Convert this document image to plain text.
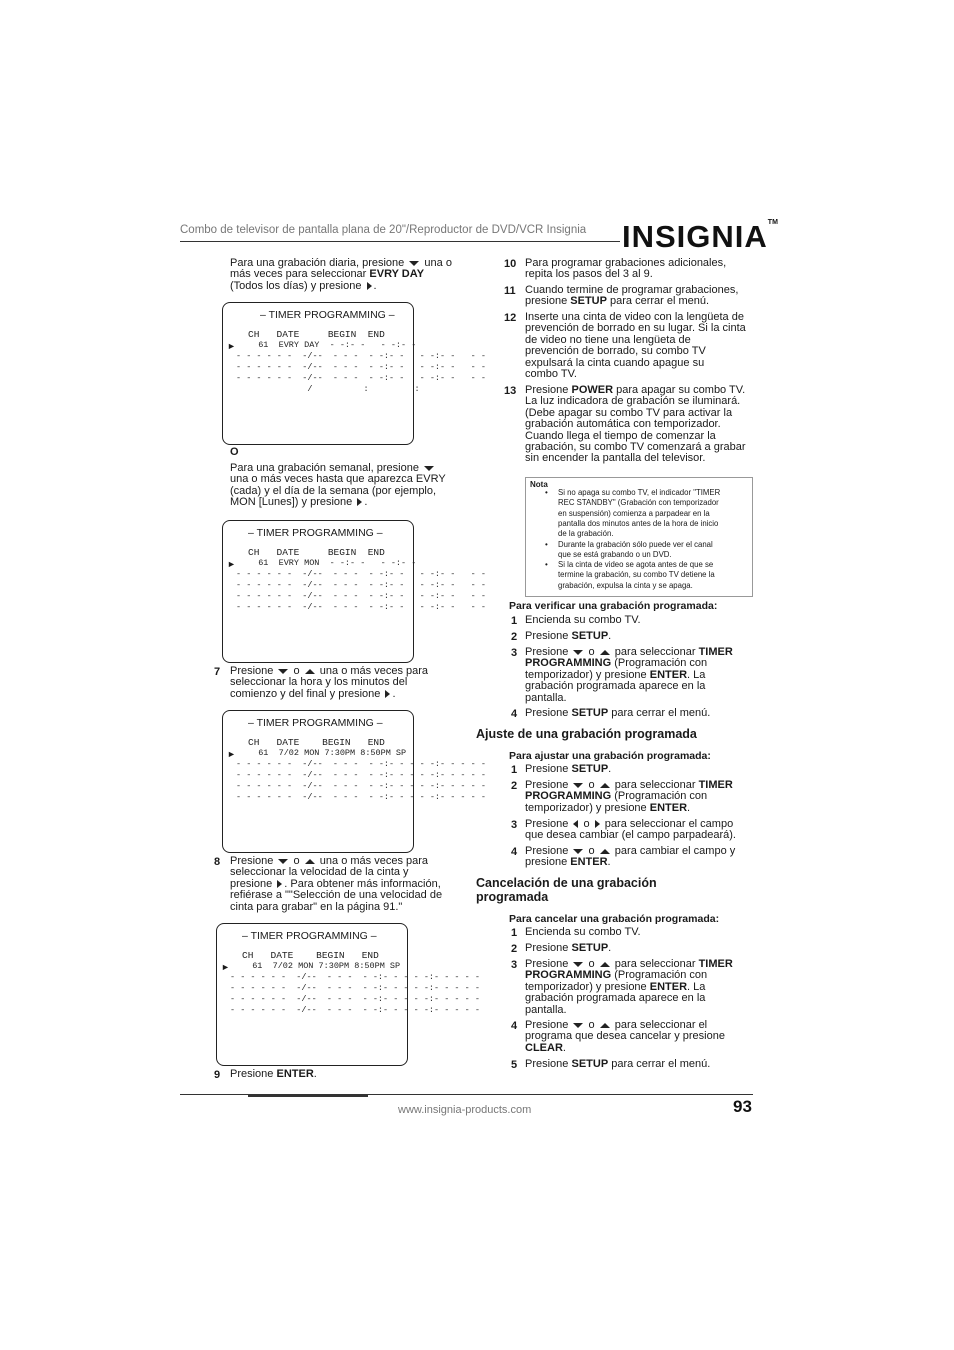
Combo de televisor de pantalla plana de 20"/Reproductor de DVD/VCR Insignia INSIGNIA™
Para una grabación diaria, presione una o
más veces para seleccionar EVRY DAY
(Todos los días) y presione .
– TIMER PROGRAMMING –
CH   DATE     BEGIN  END
► 61  EVRY DAY  - -:- -   - -:- -
- - - - - -  -/--  - - -  - -:- -   - -:- -   - -
- - - - - -  -/--  - - -  - -:- -   - -:- -   - -
- - - - - -  -/--  - - -  - -:- -   - -:- -   - -
/          :         :
O
Para una grabación semanal, presione
una o más veces hasta que aparezca EVRY
(cada) y el día de la semana (por ejemplo,
MON [Lunes]) y presione .
– TIMER PROGRAMMING –
CH   DATE     BEGIN  END
► 61  EVRY MON  - -:- -   - -:- -
- - - - - -  -/--  - - -  - -:- -   - -:- -   - -
- - - - - -  -/--  - - -  - -:- -   - -:- -   - -
- - - - - -  -/--  - - -  - -:- -   - -:- -   - -
- - - - - -  -/--  - - -  - -:- -   - -:- -   - -
7 Presione o una o más veces para
seleccionar la hora y los minutos del
comienzo y del final y presione .
– TIMER PROGRAMMING –
CH   DATE    BEGIN   END
► 61  7/02 MON 7:30PM 8:50PM SP
- - - - - -  -/--  - - -  - -:- - - - -:- - - - -
- - - - - -  -/--  - - -  - -:- - - - -:- - - - -
- - - - - -  -/--  - - -  - -:- - - - -:- - - - -
- - - - - -  -/--  - - -  - -:- - - - -:- - - - -
8 Presione o una o más veces para
seleccionar la velocidad de la cinta y
presione . Para obtener más información,
refiérase a ""Selección de una velocidad de
cinta para grabar" en la página 91."
– TIMER PROGRAMMING –
CH   DATE    BEGIN   END
► 61  7/02 MON 7:30PM 8:50PM SP
- - - - - -  -/--  - - -  - -:- - - - -:- - - - -
- - - - - -  -/--  - - -  - -:- - - - -:- - - - -
- - - - - -  -/--  - - -  - -:- - - - -:- - - - -
- - - - - -  -/--  - - -  - -:- - - - -:- - - - -
9 Presione ENTER.
10 Para programar grabaciones adicionales,
repita los pasos del 3 al 9.
11 Cuando termine de programar grabaciones,
presione SETUP para cerrar el menú.
12 Inserte una cinta de video con la lengüeta de
prevención de borrado en su lugar. Si la cinta
de video no tiene una lengüeta de
prevención de borrado, su combo TV
expulsará la cinta cuando apague su
combo TV.
13 Presione POWER para apagar su combo TV.
La luz indicadora de grabación se iluminará.
(Debe apagar su combo TV para activar la
grabación automática con temporizador.
Cuando llega el tiempo de comenzar la
grabación, su combo TV comenzará a grabar
sin encender la pantalla del televisor.
Nota
• Si no apaga su combo TV, el indicador "TIMER
REC STANDBY" (Grabación con temporizador
en suspensión) comienza a parpadear en la
pantalla dos minutos antes de la hora de inicio
de la grabación.
• Durante la grabación sólo puede ver el canal
que se está grabando o un DVD.
• Si la cinta de video se agota antes de que se
termine la grabación, su combo TV detiene la
grabación, expulsa la cinta y se apaga.
Para verificar una grabación programada:
1 Encienda su combo TV.
2 Presione SETUP.
3 Presione o para seleccionar TIMER
PROGRAMMING (Programación con
temporizador) y presione ENTER. La
grabación programada aparece en la
pantalla.
4 Presione SETUP para cerrar el menú.
Ajuste de una grabación programada
Para ajustar una grabación programada:
1 Presione SETUP.
2 Presione o para seleccionar TIMER
PROGRAMMING (Programación con
temporizador) y presione ENTER.
3 Presione o para seleccionar el campo
que desea cambiar (el campo parpadeará).
4 Presione o para cambiar el campo y
presione ENTER.
Cancelación de una grabación
programada
Para cancelar una grabación programada:
1 Encienda su combo TV.
2 Presione SETUP.
3 Presione o para seleccionar TIMER
PROGRAMMING (Programación con
temporizador) y presione ENTER. La
grabación programada aparece en la
pantalla.
4 Presione o para seleccionar el
programa que desea cancelar y presione
CLEAR.
5 Presione SETUP para cerrar el menú.
www.insignia-products.com	93
